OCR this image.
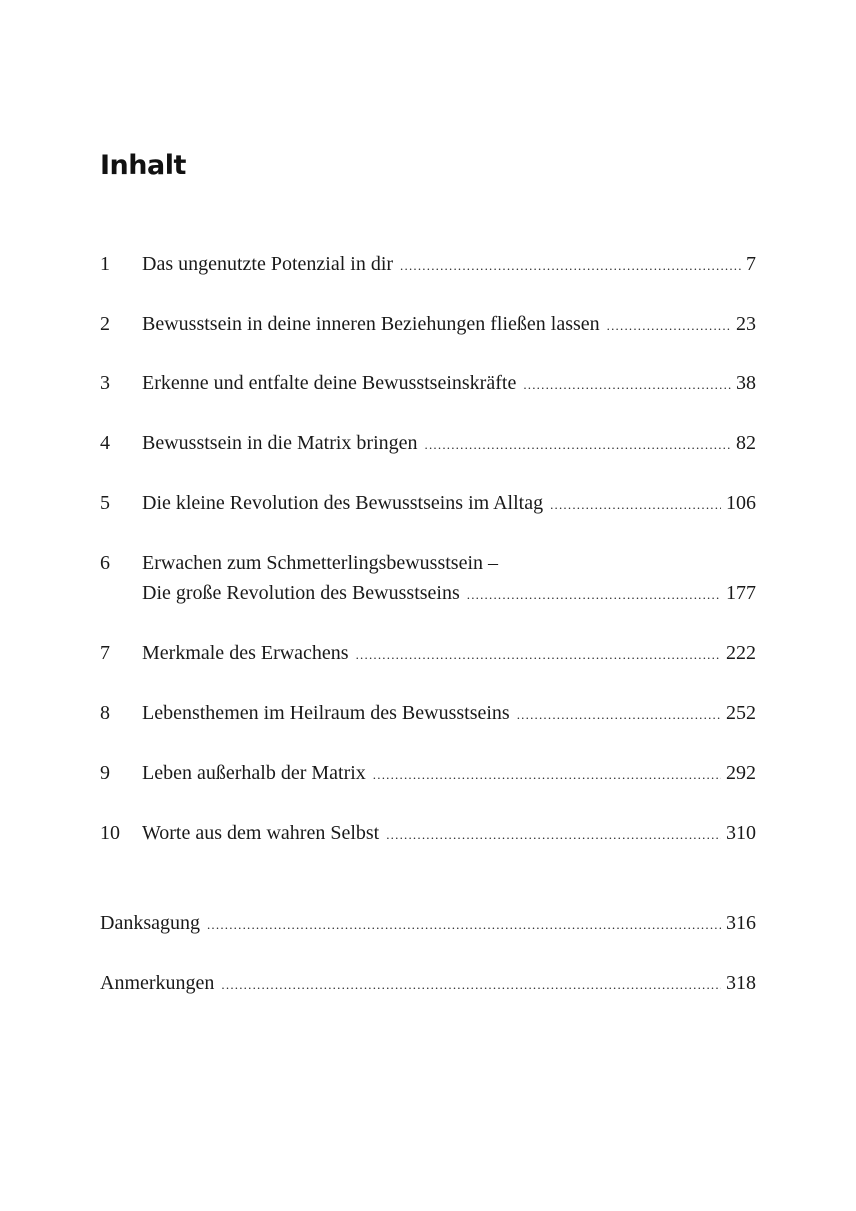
Inhalt
1	Das ungenutzte Potenzial in dir .....	7
2	Bewusstsein in deine inneren Beziehungen fließen lassen .....	23
3	Erkenne und entfalte deine Bewusstseinskräfte .....	38
4	Bewusstsein in die Matrix bringen .....	82
5	Die kleine Revolution des Bewusstseins im Alltag .....	106
6	Erwachen zum Schmetterlingsbewusstsein –
Die große Revolution des Bewusstseins .....	177
7	Merkmale des Erwachens .....	222
8	Lebensthemen im Heilraum des Bewusstseins .....	252
9	Leben außerhalb der Matrix .....	292
10	Worte aus dem wahren Selbst .....	310
Danksagung .....	316
Anmerkungen .....	318
